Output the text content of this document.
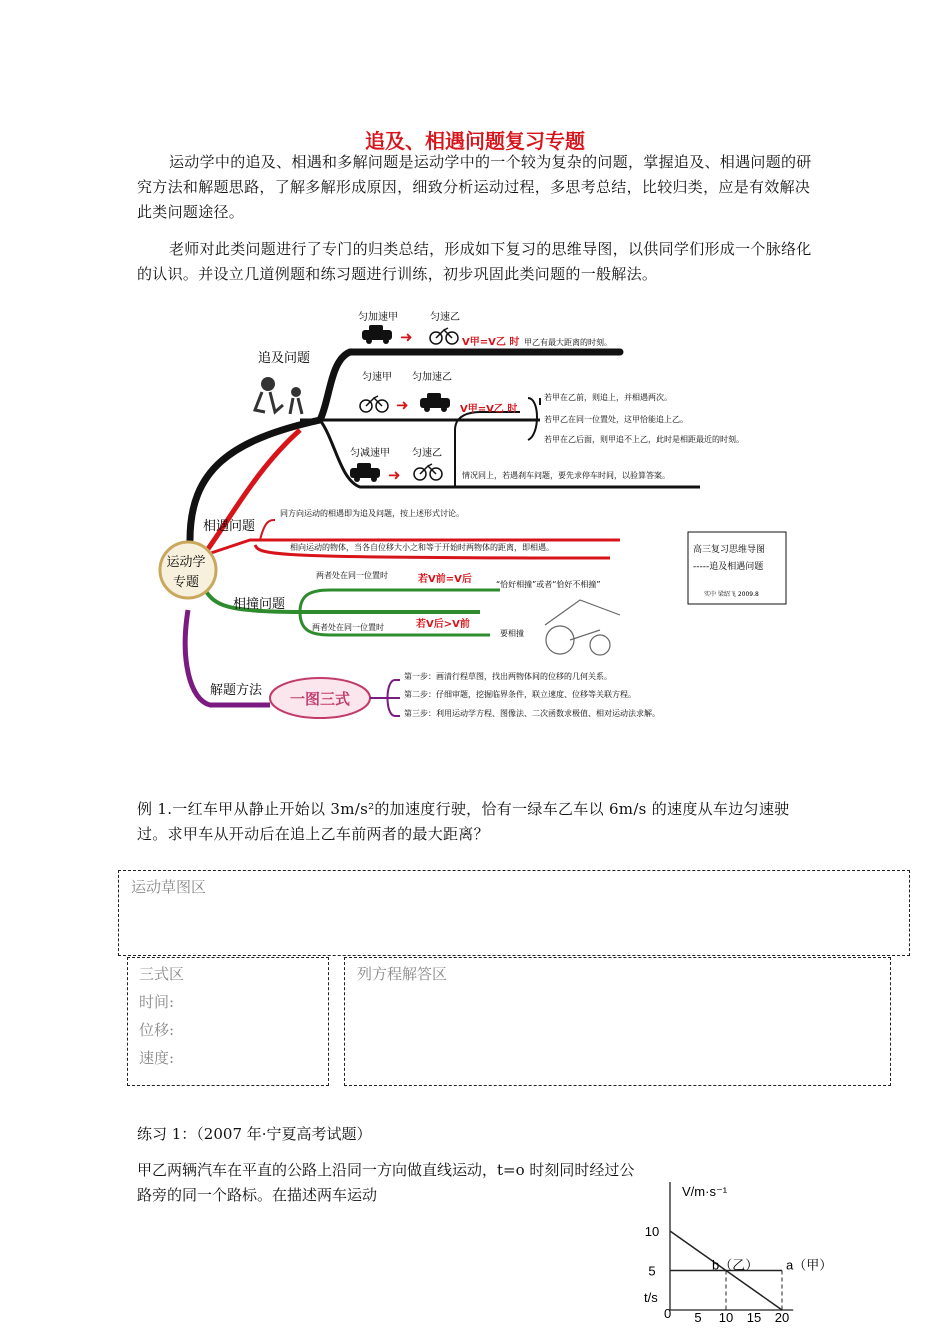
追及、相遇问题复习专题
运动学中的追及、相遇和多解问题是运动学中的一个较为复杂的问题，掌握追及、相遇问题的研究方法和解题思路，了解多解形成原因，细致分析运动过程，多思考总结，比较归类，应是有效解决此类问题途径。
老师对此类问题进行了专门的归类总结，形成如下复习的思维导图，以供同学们形成一个脉络化的认识。并设立几道例题和练习题进行训练，初步巩固此类问题的一般解法。
运动学
专题
追及问题
相遇问题
相撞问题
解题方法
匀加速甲	匀速乙
➜	V甲=V乙 时 甲乙有最大距离的时刻。
匀速甲 匀加速乙
➜	V甲=V乙 时
若甲在乙前，则追上，并相遇两次。
若甲乙在同一位置处，这甲恰能追上乙。
若甲在乙后面，则甲追不上乙，此时是相距最近的时刻。
匀减速甲 匀速乙
➜	情况同上，若遇刹车问题，要先求停车时间，以验算答案。
同方向运动的相遇即为追及问题，按上述形式讨论。
相向运动的物体，当各自位移大小之和等于开始时两物体的距离，即相遇。
两者处在同一位置时	若V前=V后	“恰好相撞”或者“恰好不相撞”
两者处在同一位置时	若V后>V前
要相撞
一图三式
第一步：画清行程草图，找出两物体间的位移的几何关系。
第二步：仔细审题，挖掘临界条件，联立速度、位移等关联方程。
第三步：利用运动学方程、图像法、二次函数求极值、相对运动法求解。
高三复习思维导图
-----追及相遇问题
实中 梁绍飞 2009.8
例 1.一红车甲从静止开始以 3m/s²的加速度行驶，恰有一绿车乙车以 6m/s 的速度从车边匀速驶过。求甲车从开动后在追上乙车前两者的最大距离？
运动草图区
三式区
时间:
位移:
速度:
列方程解答区
练习 1：（2007 年·宁夏高考试题）
甲乙两辆汽车在平直的公路上沿同一方向做直线运动，t=o 时刻同时经过公路旁的同一个路标。在描述两车运动	V/m·s⁻¹
t/s
0
5
10
5 10 15 20
b（乙） a（甲）
